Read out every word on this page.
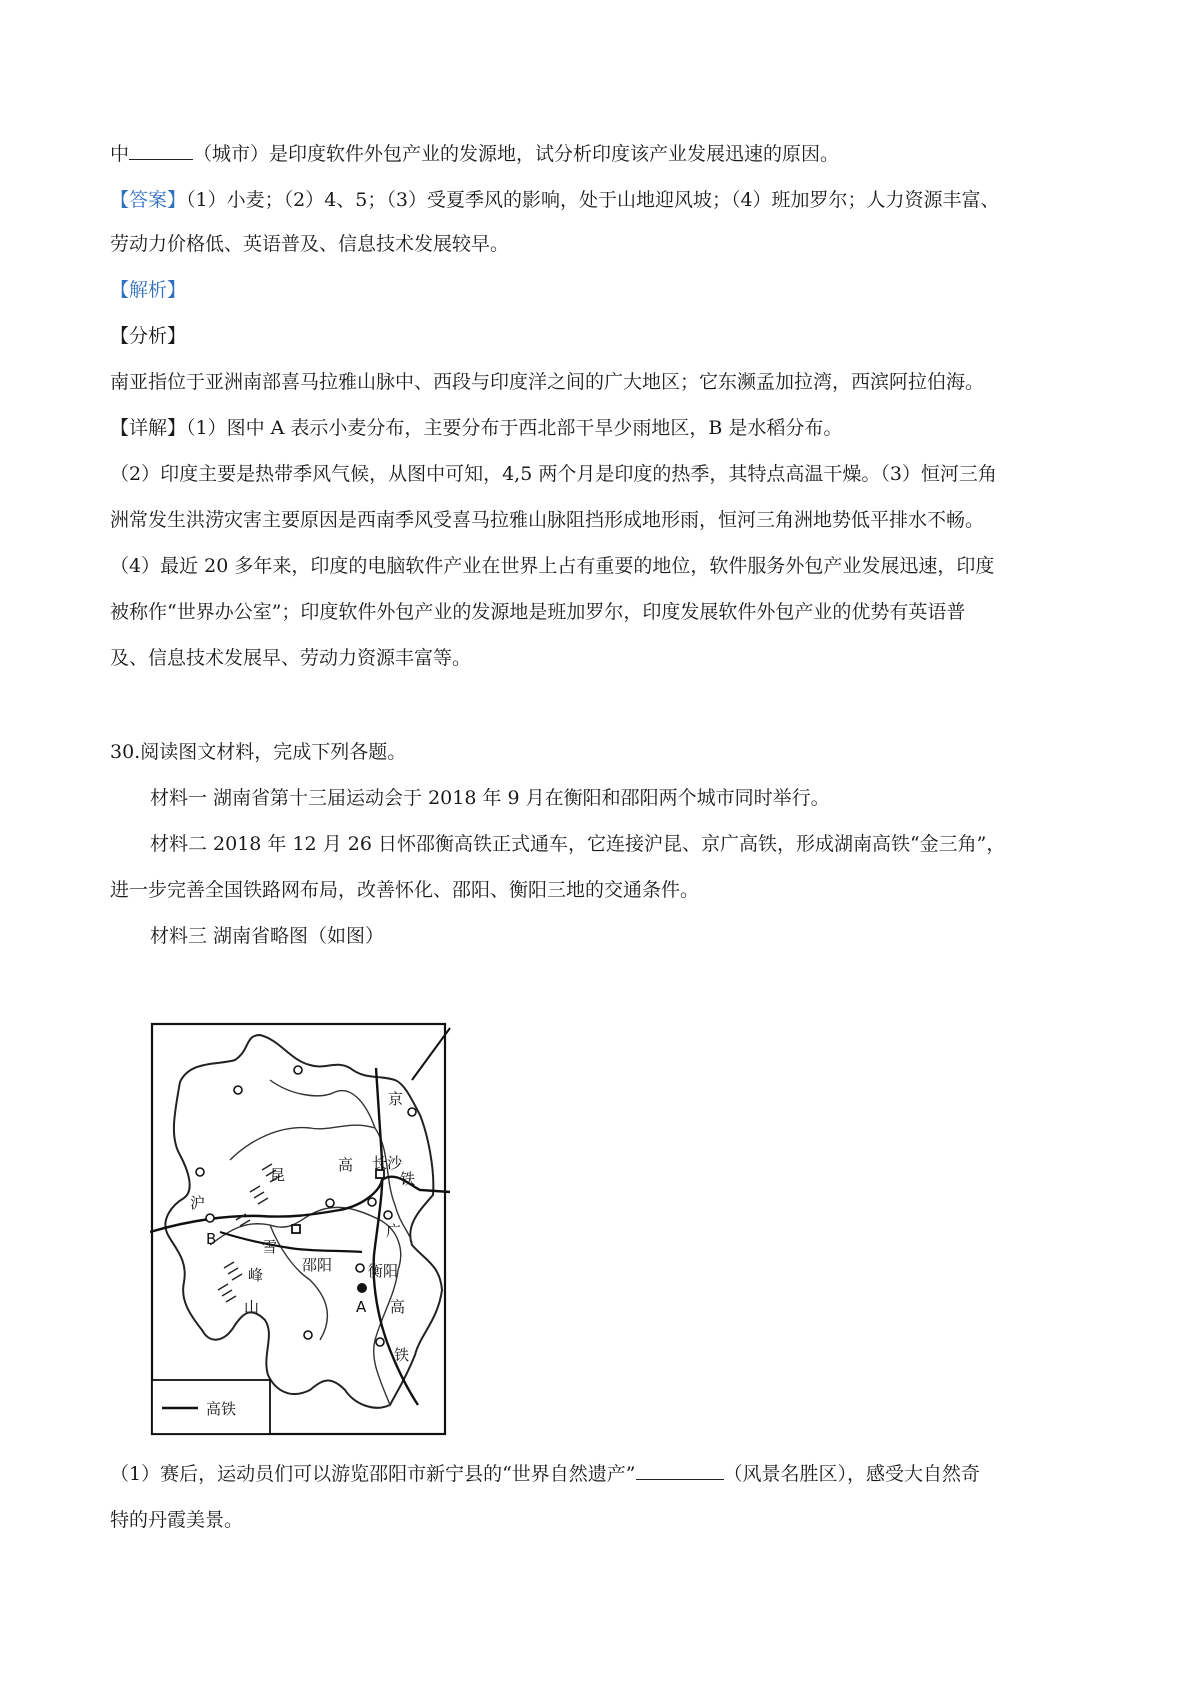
中	（城市）是印度软件外包产业的发源地，试分析印度该产业发展迅速的原因。
【答案】（1）小麦；（2）4、5；（3）受夏季风的影响，处于山地迎风坡；（4）班加罗尔；人力资源丰富、
劳动力价格低、英语普及、信息技术发展较早。
【解析】
【分析】
南亚指位于亚洲南部喜马拉雅山脉中、西段与印度洋之间的广大地区；它东濒孟加拉湾，西滨阿拉伯海。
【详解】（1）图中 A 表示小麦分布，主要分布于西北部干旱少雨地区，B 是水稻分布。
（2）印度主要是热带季风气候，从图中可知，4,5 两个月是印度的热季，其特点高温干燥。（3）恒河三角
洲常发生洪涝灾害主要原因是西南季风受喜马拉雅山脉阻挡形成地形雨，恒河三角洲地势低平排水不畅。
（4）最近 20 多年来，印度的电脑软件产业在世界上占有重要的地位，软件服务外包产业发展迅速，印度
被称作“世界办公室”；印度软件外包产业的发源地是班加罗尔，印度发展软件外包产业的优势有英语普
及、信息技术发展早、劳动力资源丰富等。
30.阅读图文材料，完成下列各题。
材料一 湖南省第十三届运动会于 2018 年 9 月在衡阳和邵阳两个城市同时举行。
材料二 2018 年 12 月 26 日怀邵衡高铁正式通车，它连接沪昆、京广高铁，形成湖南高铁“金三角”，
进一步完善全国铁路网布局，改善怀化、邵阳、衡阳三地的交通条件。
材料三 湖南省略图（如图）
京
长沙
铁
高
广
沪
昆
雪
峰
山
B
邵阳 衡阳
A 高
铁
高铁
（1）赛后，运动员们可以游览邵阳市新宁县的“世界自然遗产”	（风景名胜区），感受大自然奇
特的丹霞美景。
